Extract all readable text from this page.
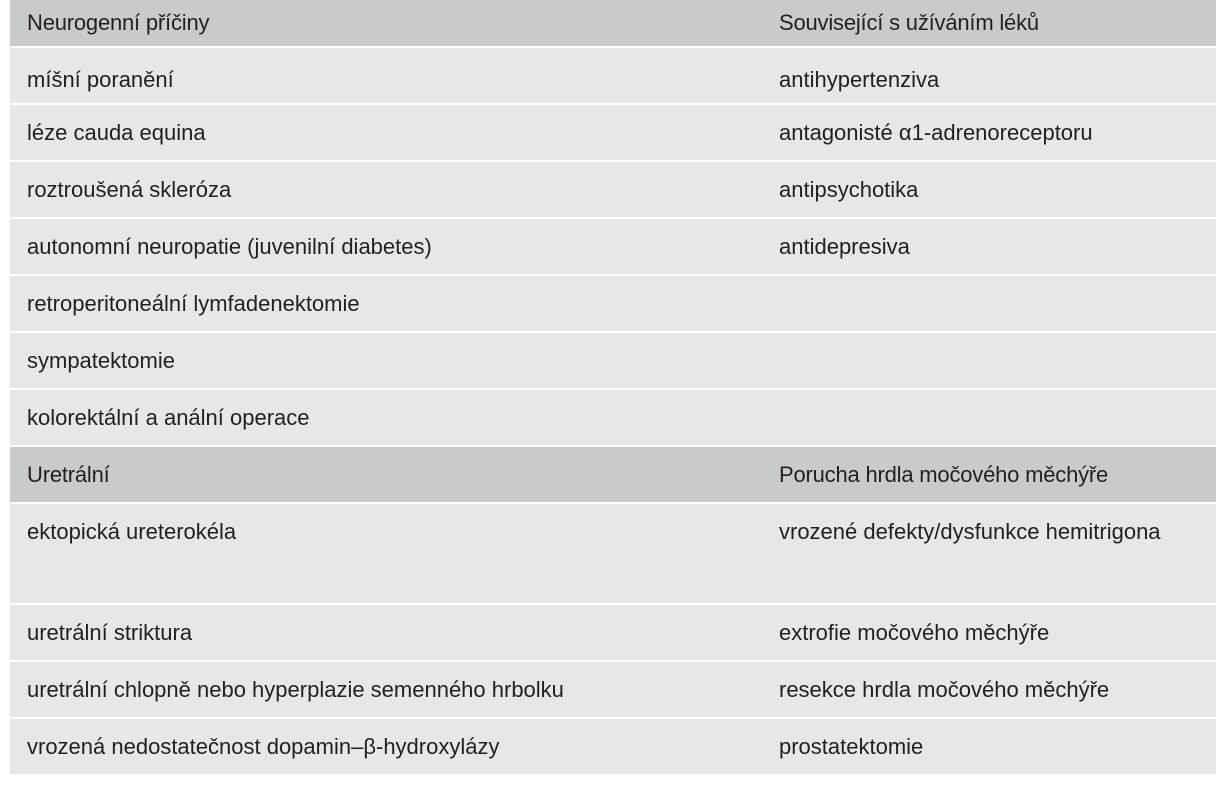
Neurogenní příčiny	Související s užíváním léků
míšní poranění	antihypertenziva
léze cauda equina	antagonisté α1-adrenoreceptoru
roztroušená skleróza	antipsychotika
autonomní neuropatie (juvenilní diabetes)	antidepresiva
retroperitoneální lymfadenektomie
sympatektomie
kolorektální a anální operace
Uretrální	Porucha hrdla močového měchýře
ektopická ureterokéla	vrozené defekty/dysfunkce hemitrigona
uretrální striktura	extrofie močového měchýře
uretrální chlopně nebo hyperplazie semenného hrbolku	resekce hrdla močového měchýře
vrozená nedostatečnost dopamin–β-hydroxylázy	prostatektomie
